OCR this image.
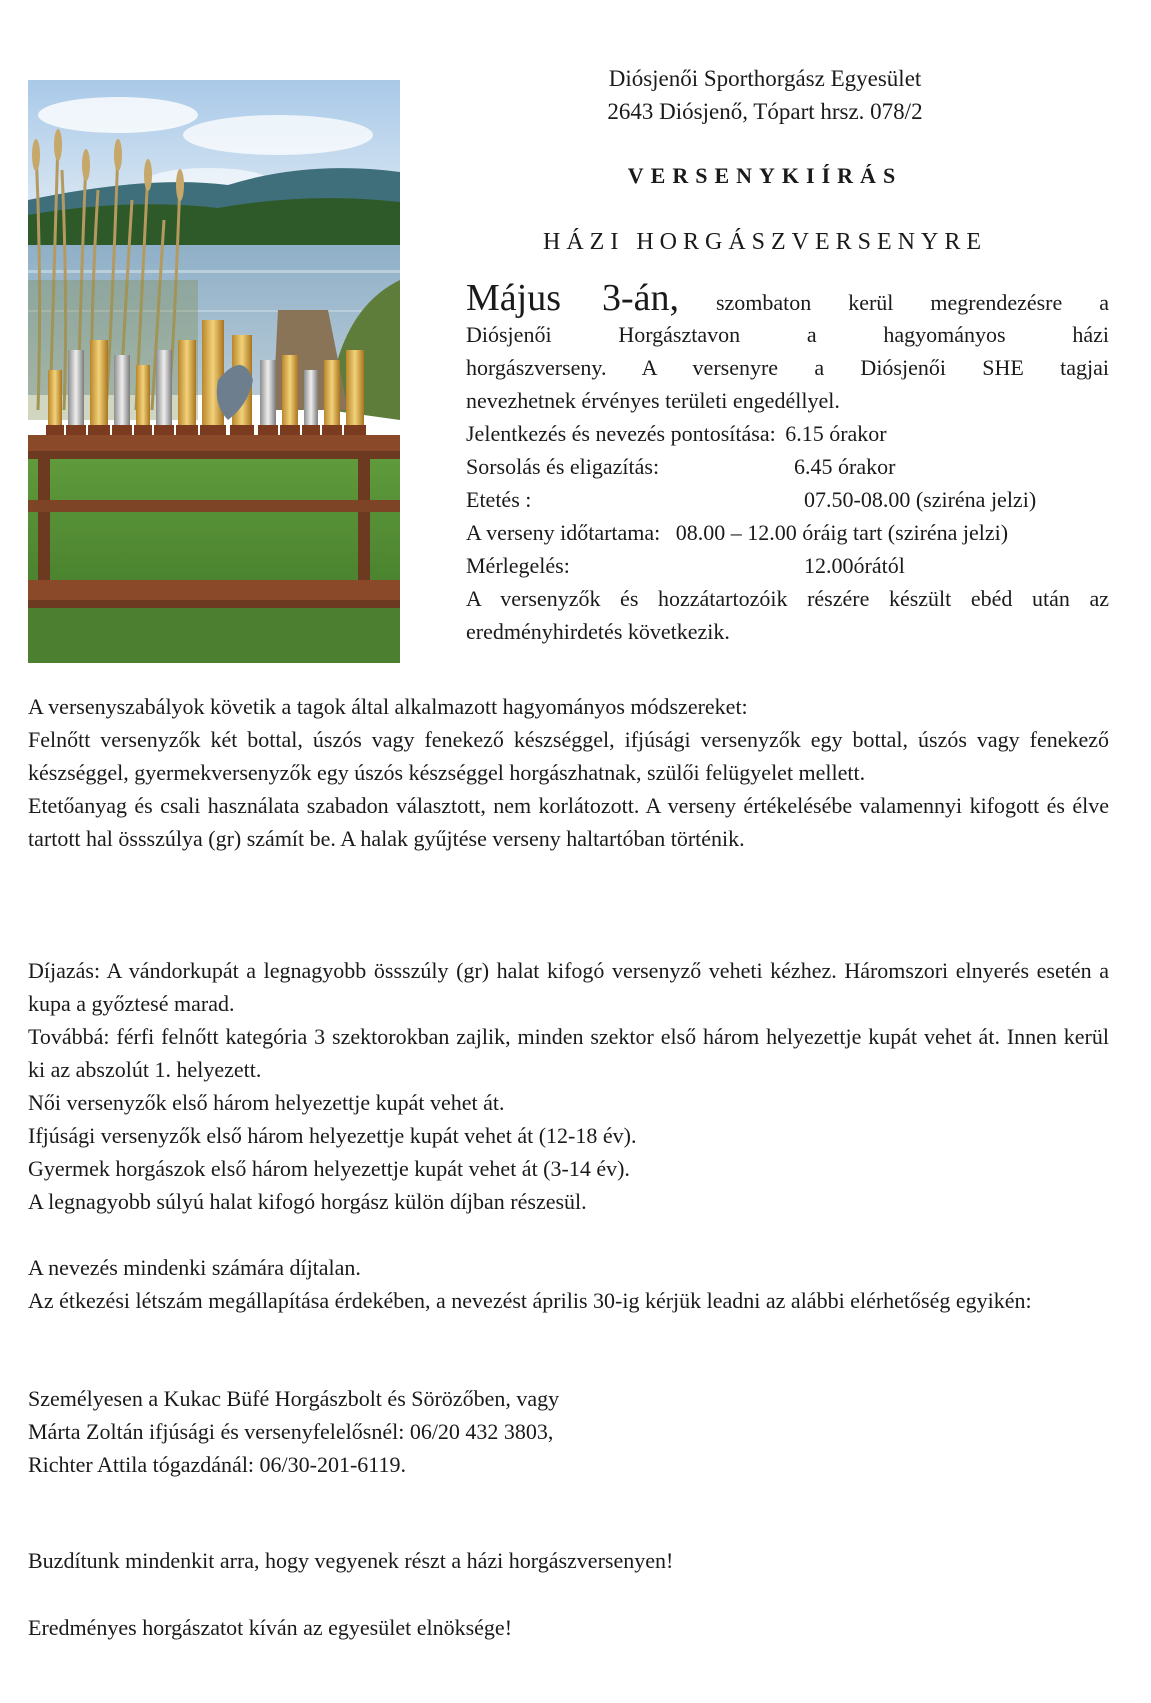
Diósjenői Sporthorgász Egyesület
2643 Diósjenő, Tópart hrsz. 078/2
VERSENYKIÍRÁS
HÁZI HORGÁSZVERSENYRE
Május 3-án, szombaton kerül megrendezésre a
Diósjenői Horgásztavon a hagyományos házi
horgászverseny. A versenyre a Diósjenői SHE tagjai
nevezhetnek érvényes területi engedéllyel.
Jelentkezés és nevezés pontosítása: 6.15 órakor
Sorsolás és eligazítás:	6.45 órakor
Etetés :	07.50-08.00 (sziréna jelzi)
A verseny időtartama: 08.00 – 12.00 óráig tart (sziréna jelzi)
Mérlegelés:	12.00órától
A versenyzők és hozzátartozóik részére készült ebéd után az
eredményhirdetés következik.

A versenyszabályok követik a tagok által alkalmazott hagyományos módszereket:

Felnőtt versenyzők két bottal, úszós vagy fenekező készséggel, ifjúsági versenyzők egy bottal, úszós vagy fenekező készséggel, gyermekversenyzők egy úszós készséggel horgászhatnak, szülői felügyelet mellett.

Etetőanyag és csali használata szabadon választott, nem korlátozott. A verseny értékelésébe valamennyi kifogott és élve tartott hal össszúlya (gr) számít be. A halak gyűjtése verseny haltartóban történik.

Díjazás: A vándorkupát a legnagyobb össszúly (gr) halat kifogó versenyző veheti kézhez. Háromszori elnyerés esetén a kupa a győztesé marad.

Továbbá: férfi felnőtt kategória 3 szektorokban zajlik, minden szektor első három helyezettje kupát vehet át. Innen kerül ki az abszolút 1. helyezett.

Női versenyzők első három helyezettje kupát vehet át.

Ifjúsági versenyzők első három helyezettje kupát vehet át (12-18 év).

Gyermek horgászok első három helyezettje kupát vehet át (3-14 év).

A legnagyobb súlyú halat kifogó horgász külön díjban részesül.

A nevezés mindenki számára díjtalan.

Az étkezési létszám megállapítása érdekében, a nevezést április 30-ig kérjük leadni az alábbi elérhetőség egyikén:

Személyesen a Kukac Büfé Horgászbolt és Sörözőben, vagy

Márta Zoltán ifjúsági és versenyfelelősnél: 06/20 432 3803,

Richter Attila tógazdánál: 06/30-201-6119.

Buzdítunk mindenkit arra, hogy vegyenek részt a házi horgászversenyen!
Eredményes horgászatot kíván az egyesület elnöksége!
